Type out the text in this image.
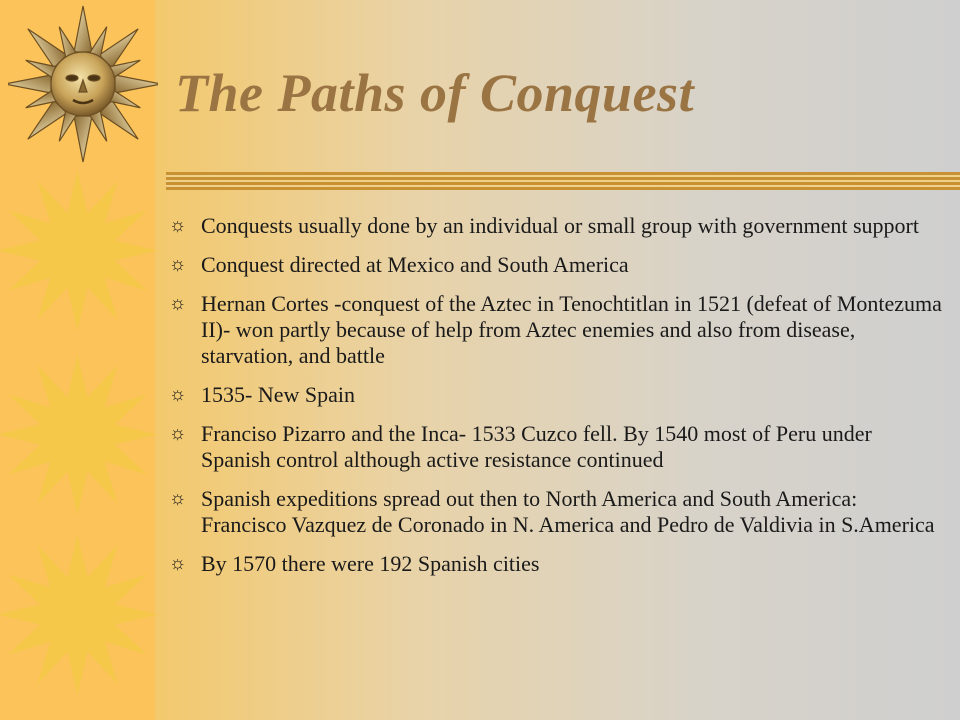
The Paths of Conquest
☼ Conquests usually done by an individual or small group with government support
☼ Conquest directed at Mexico and South America
☼ Hernan Cortes -conquest of the Aztec in Tenochtitlan in 1521 (defeat of Montezuma II)- won partly because of help from Aztec enemies and also from disease, starvation, and battle
☼ 1535- New Spain
☼ Franciso Pizarro and the Inca- 1533 Cuzco fell. By 1540 most of Peru under Spanish control although active resistance continued
☼ Spanish expeditions spread out then to North America and South America: Francisco Vazquez de Coronado in N. America and Pedro de Valdivia in S.America
☼ By 1570 there were 192 Spanish cities
